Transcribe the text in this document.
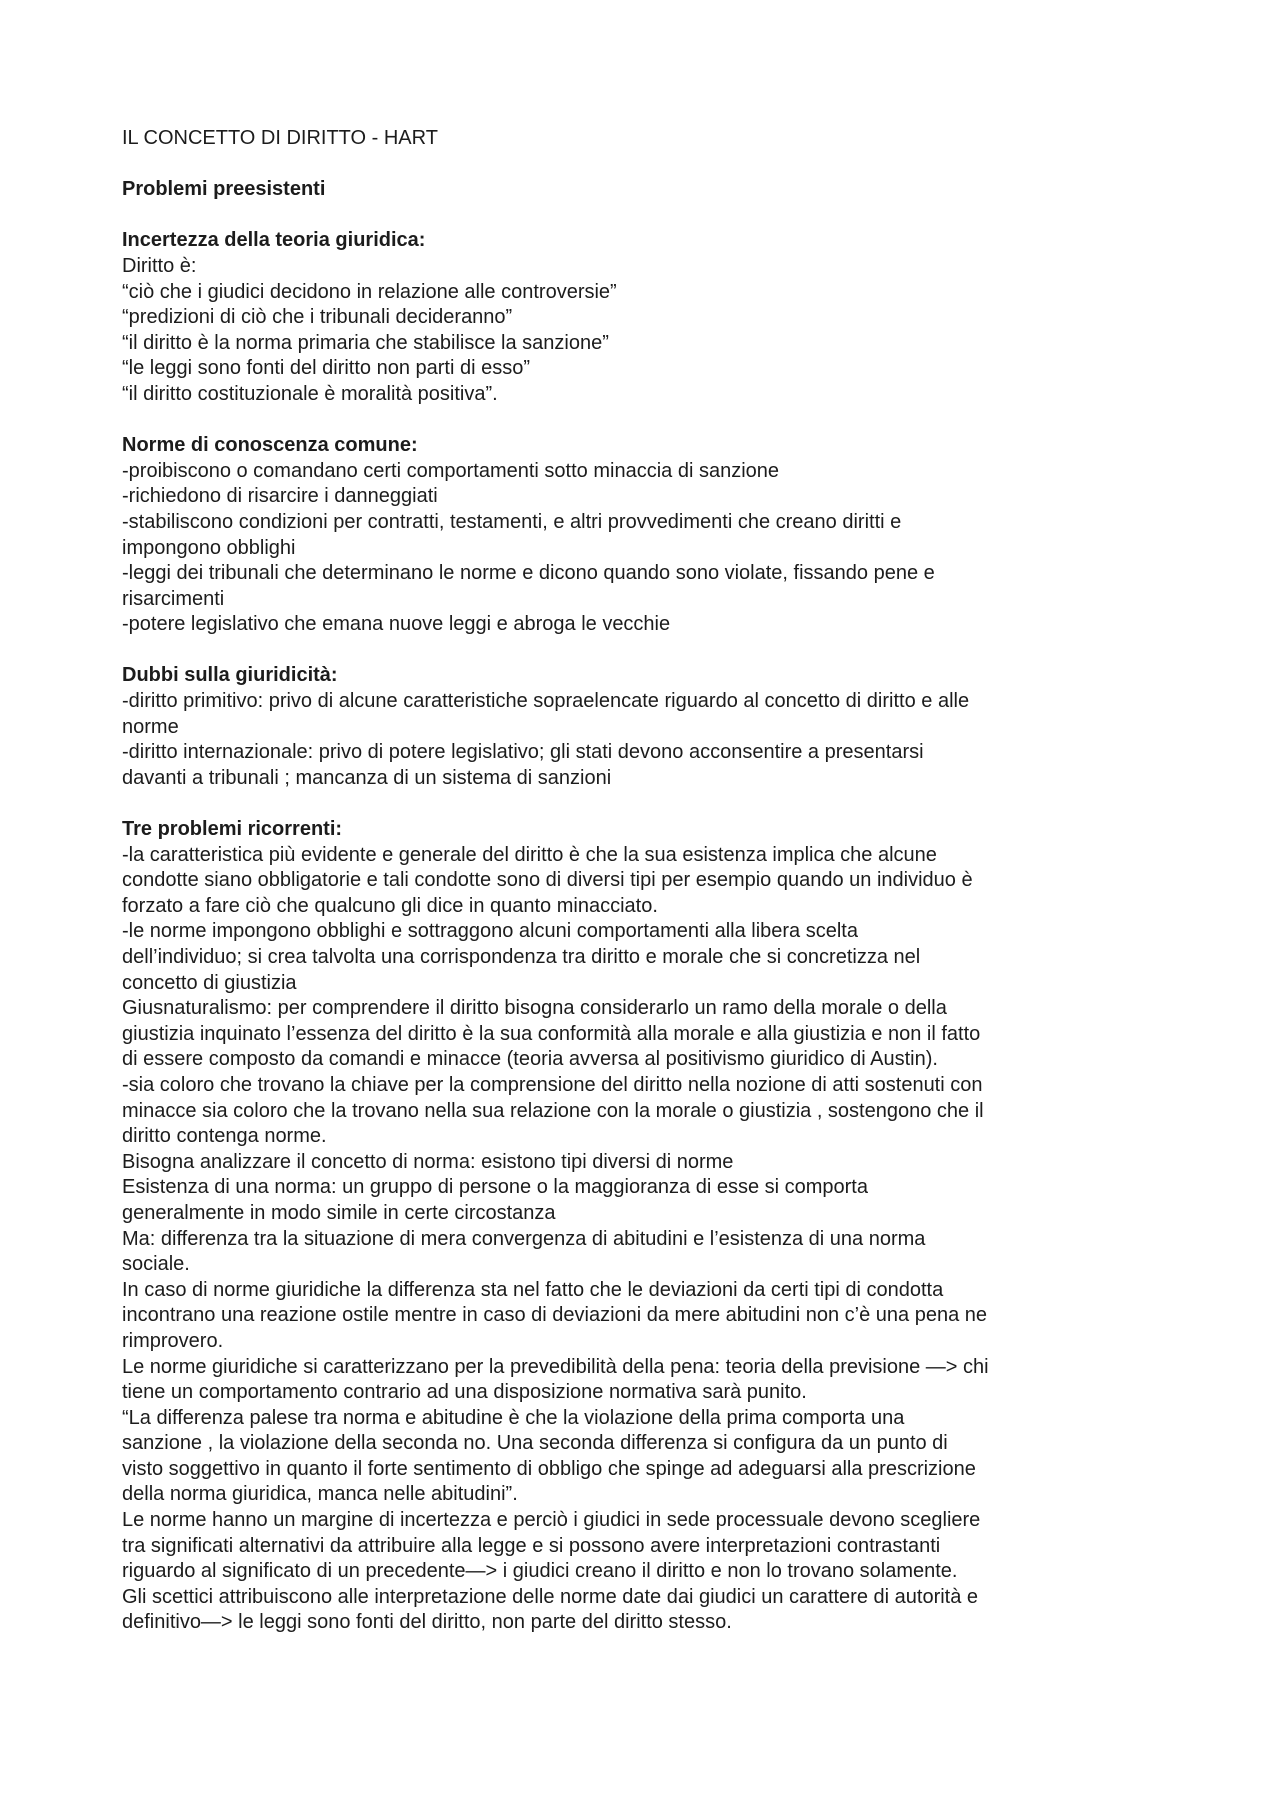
IL CONCETTO DI DIRITTO - HART
Problemi preesistenti
Incertezza della teoria giuridica:
Diritto è:
“ciò che i giudici decidono in relazione alle controversie”
“predizioni di ciò che i tribunali decideranno”
“il diritto è la norma primaria che stabilisce la sanzione”
“le leggi sono fonti del diritto non parti di esso”
“il diritto costituzionale è moralità positiva”.
Norme di conoscenza comune:
-proibiscono o comandano certi comportamenti sotto minaccia di sanzione
-richiedono di risarcire i danneggiati
-stabiliscono condizioni per contratti, testamenti, e altri provvedimenti che creano diritti e
impongono obblighi
-leggi dei tribunali che determinano le norme e dicono quando sono violate, fissando pene e
risarcimenti
-potere legislativo che emana nuove leggi e abroga le vecchie
Dubbi sulla giuridicità:
-diritto primitivo: privo di alcune caratteristiche sopraelencate riguardo al concetto di diritto e alle
norme
-diritto internazionale: privo di potere legislativo; gli stati devono acconsentire a presentarsi
davanti a tribunali ; mancanza di un sistema di sanzioni
Tre problemi ricorrenti:
-la caratteristica più evidente e generale del diritto è che la sua esistenza implica che alcune
condotte siano obbligatorie e tali condotte sono di diversi tipi per esempio quando un individuo è
forzato a fare ciò che qualcuno gli dice in quanto minacciato.
-le norme impongono obblighi e sottraggono alcuni comportamenti alla libera scelta
dell’individuo; si crea talvolta una corrispondenza tra diritto e morale che si concretizza nel
concetto di giustizia
Giusnaturalismo: per comprendere il diritto bisogna considerarlo un ramo della morale o della
giustizia inquinato l’essenza del diritto è la sua conformità alla morale e alla giustizia e non il fatto
di essere composto da comandi e minacce (teoria avversa al positivismo giuridico di Austin).
-sia coloro che trovano la chiave per la comprensione del diritto nella nozione di atti sostenuti con
minacce sia coloro che la trovano nella sua relazione con la morale o giustizia , sostengono che il
diritto contenga norme.
Bisogna analizzare il concetto di norma: esistono tipi diversi di norme
Esistenza di una norma: un gruppo di persone o la maggioranza di esse si comporta
generalmente in modo simile in certe circostanza
Ma: differenza tra la situazione di mera convergenza di abitudini e l’esistenza di una norma
sociale.
In caso di norme giuridiche la differenza sta nel fatto che le deviazioni da certi tipi di condotta
incontrano una reazione ostile mentre in caso di deviazioni da mere abitudini non c’è una pena ne
rimprovero.
Le norme giuridiche si caratterizzano per la prevedibilità della pena: teoria della previsione —> chi
tiene un comportamento contrario ad una disposizione normativa sarà punito.
“La differenza palese tra norma e abitudine è che la violazione della prima comporta una
sanzione , la violazione della seconda no. Una seconda differenza si configura da un punto di
visto soggettivo in quanto il forte sentimento di obbligo che spinge ad adeguarsi alla prescrizione
della norma giuridica, manca nelle abitudini”.
Le norme hanno un margine di incertezza e perciò i giudici in sede processuale devono scegliere
tra significati alternativi da attribuire alla legge e si possono avere interpretazioni contrastanti
riguardo al significato di un precedente—> i giudici creano il diritto e non lo trovano solamente.
Gli scettici attribuiscono alle interpretazione delle norme date dai giudici un carattere di autorità e
definitivo—> le leggi sono fonti del diritto, non parte del diritto stesso.
